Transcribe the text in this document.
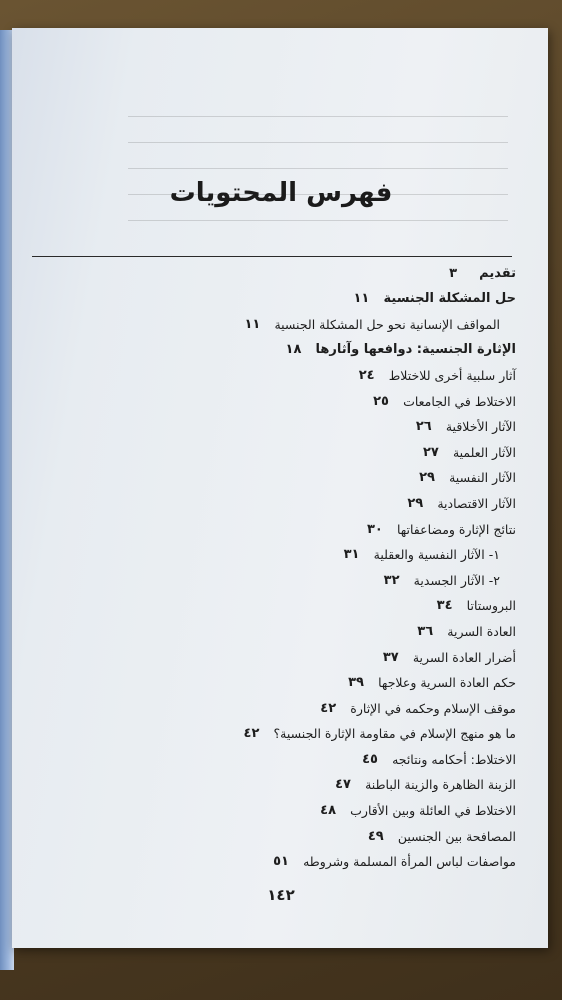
فهرس المحتويات
تقديم
٣
حل المشكلة الجنسية
١١
المواقف الإنسانية نحو حل المشكلة الجنسية
١١
الإثارة الجنسية: دوافعها وآثارها
١٨
آثار سلبية أخرى للاختلاط
٢٤
الاختلاط في الجامعات
٢٥
الآثار الأخلاقية
٢٦
الآثار العلمية
٢٧
الآثار النفسية
٢٩
الآثار الاقتصادية
٢٩
نتائج الإثارة ومضاعفاتها
٣٠
١- الآثار النفسية والعقلية
٣١
٢- الآثار الجسدية
٣٢
البروستاتا
٣٤
العادة السرية
٣٦
أضرار العادة السرية
٣٧
حكم العادة السرية وعلاجها
٣٩
موقف الإسلام وحكمه في الإثارة
٤٢
ما هو منهج الإسلام في مقاومة الإثارة الجنسية؟
٤٢
الاختلاط: أحكامه ونتائجه
٤٥
الزينة الظاهرة والزينة الباطنة
٤٧
الاختلاط في العائلة وبين الأقارب
٤٨
المصافحة بين الجنسين
٤٩
مواصفات لباس المرأة المسلمة وشروطه
٥١
١٤٢
